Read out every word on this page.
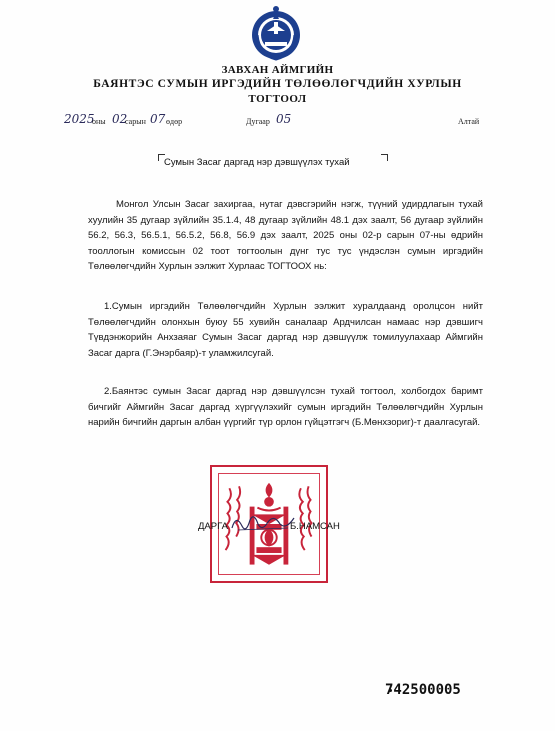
ЗАВХАН АЙМГИЙН
БАЯНТЭС СУМЫН ИРГЭДИЙН ТӨЛӨӨЛӨГЧДИЙН ХУРЛЫН
ТОГТООЛ
2025
оны 02
сарын 07 өдөр	Дугаар 05	Алтай
Сумын Засаг даргад нэр дэвшүүлэх тухай

Монгол Улсын Засаг захиргаа, нутаг дэвсгэрийн нэгж, түүний удирдлагын тухай хуулийн 35 дугаар зүйлийн 35.1.4, 48 дугаар зүйлийн 48.1 дэх заалт, 56 дугаар зүйлийн 56.2, 56.3, 56.5.1, 56.5.2, 56.8, 56.9 дэх заалт, 2025 оны 02-р сарын 07-ны өдрийн тооллогын комиссын 02 тоот тогтоолын дүнг тус тус үндэслэн сумын иргэдийн Төлөөлөгчдийн Хурлын ээлжит Хурлаас ТОГТООХ нь:

1.Сумын иргэдийн Төлөөлөгчдийн Хурлын ээлжит хуралдаанд оролцсон нийт Төлөөлөгчдийн олонхын буюу 55 хувийн саналаар Ардчилсан намаас нэр дэвшигч Түвдэнжорийн Анхзаяаг Сумын Засаг даргад нэр дэвшүүлж томилуулахаар Аймгийн Засаг дарга (Г.Энэрбаяр)-т уламжилсугай.

2.Баянтэс сумын Засаг даргад нэр дэвшүүлсэн тухай тогтоол, холбогдох баримт бичгийг Аймгийн Засаг даргад хүргүүлэхийг сумын иргэдийн Төлөөлөгчдийн Хурлын нарийн бичгийн даргын албан үүргийг түр орлон гүйцэтгэгч (Б.Мөнхзориг)-т даалгасугай.

ДАРГА	Б.НАМСАН
742500005
